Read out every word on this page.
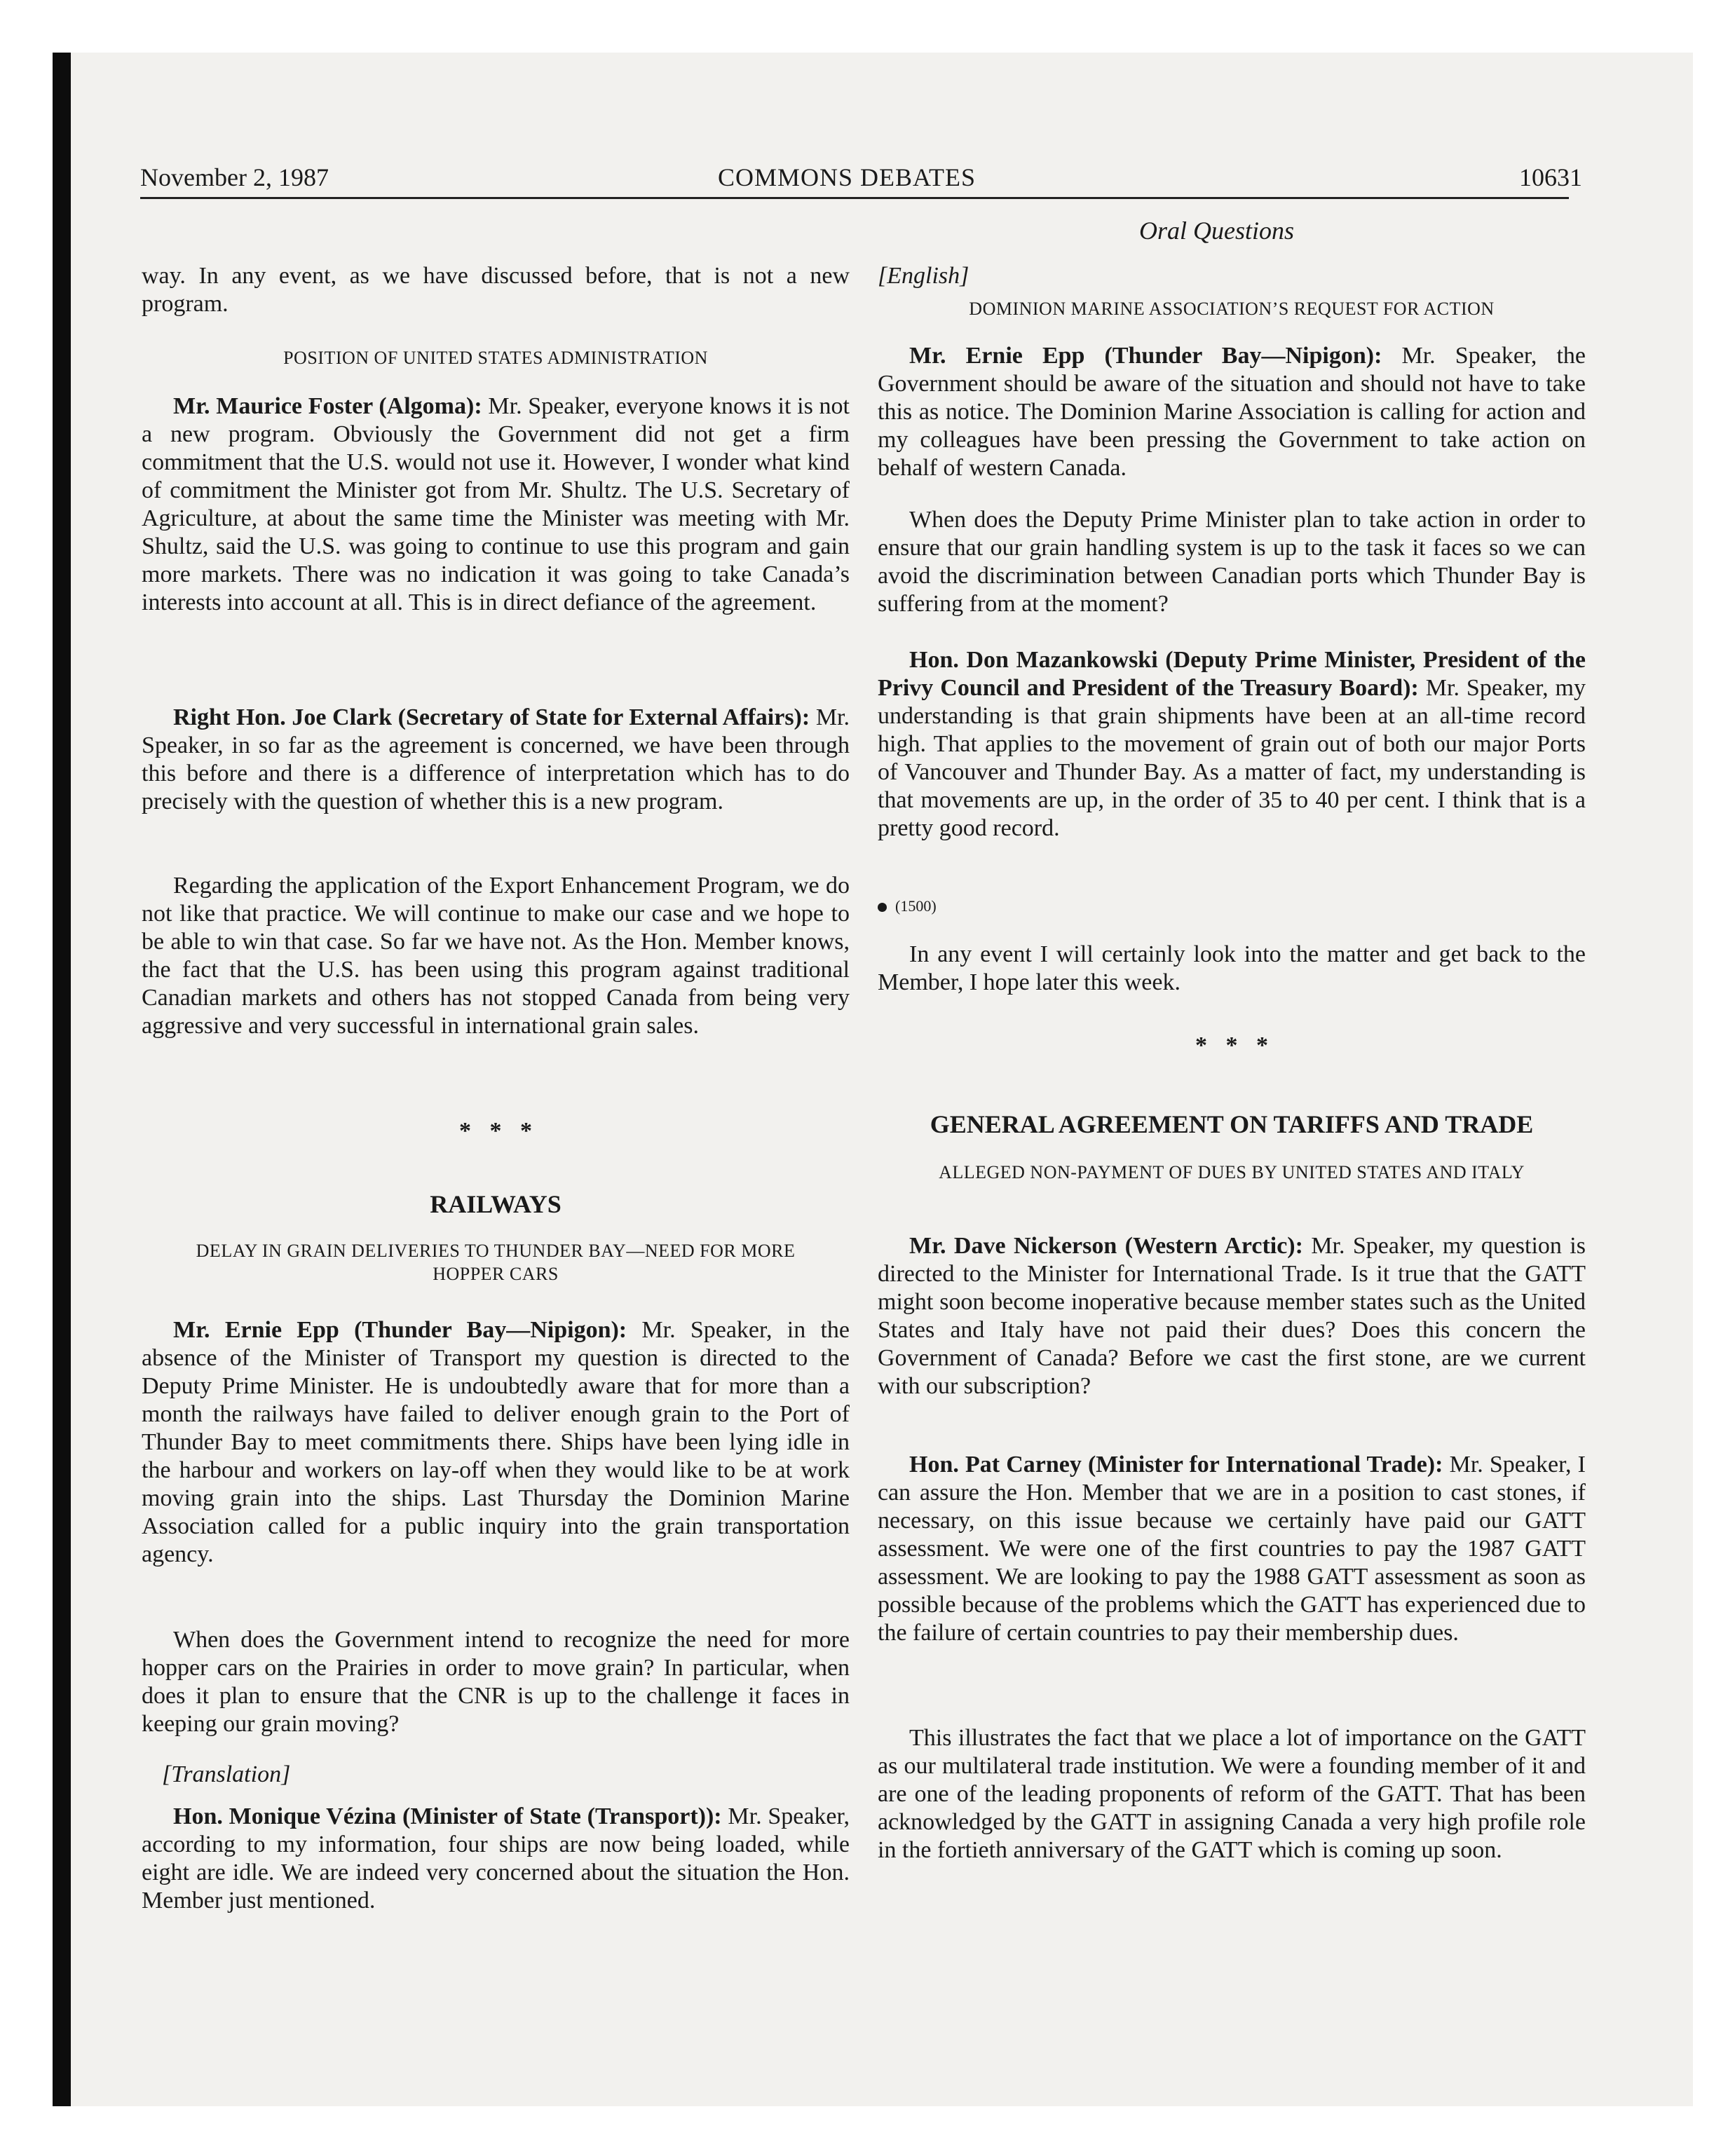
November 2, 1987	COMMONS DEBATES	10631
Oral Questions

way. In any event, as we have discussed before, that is not a new program.

POSITION OF UNITED STATES ADMINISTRATION

Mr. Maurice Foster (Algoma): Mr. Speaker, everyone knows it is not a new program. Obviously the Government did not get a firm commitment that the U.S. would not use it. However, I wonder what kind of commitment the Minister got from Mr. Shultz. The U.S. Secretary of Agriculture, at about the same time the Minister was meeting with Mr. Shultz, said the U.S. was going to continue to use this program and gain more markets. There was no indication it was going to take Canada’s interests into account at all. This is in direct defiance of the agreement.

Right Hon. Joe Clark (Secretary of State for External Affairs): Mr. Speaker, in so far as the agreement is concerned, we have been through this before and there is a difference of interpretation which has to do precisely with the question of whether this is a new program.

Regarding the application of the Export Enhancement Program, we do not like that practice. We will continue to make our case and we hope to be able to win that case. So far we have not. As the Hon. Member knows, the fact that the U.S. has been using this program against traditional Canadian markets and others has not stopped Canada from being very aggressive and very successful in international grain sales.

* * *

RAILWAYS

DELAY IN GRAIN DELIVERIES TO THUNDER BAY—NEED FOR MORE HOPPER CARS

Mr. Ernie Epp (Thunder Bay—Nipigon): Mr. Speaker, in the absence of the Minister of Transport my question is directed to the Deputy Prime Minister. He is undoubtedly aware that for more than a month the railways have failed to deliver enough grain to the Port of Thunder Bay to meet commitments there. Ships have been lying idle in the harbour and workers on lay-off when they would like to be at work moving grain into the ships. Last Thursday the Dominion Marine Association called for a public inquiry into the grain transportation agency.

When does the Government intend to recognize the need for more hopper cars on the Prairies in order to move grain? In particular, when does it plan to ensure that the CNR is up to the challenge it faces in keeping our grain moving?

[Translation]

Hon. Monique Vézina (Minister of State (Transport)): Mr. Speaker, according to my information, four ships are now being loaded, while eight are idle. We are indeed very concerned about the situation the Hon. Member just mentioned.

[English]

DOMINION MARINE ASSOCIATION’S REQUEST FOR ACTION

Mr. Ernie Epp (Thunder Bay—Nipigon): Mr. Speaker, the Government should be aware of the situation and should not have to take this as notice. The Dominion Marine Association is calling for action and my colleagues have been pressing the Government to take action on behalf of western Canada.

When does the Deputy Prime Minister plan to take action in order to ensure that our grain handling system is up to the task it faces so we can avoid the discrimination between Canadian ports which Thunder Bay is suffering from at the moment?

Hon. Don Mazankowski (Deputy Prime Minister, President of the Privy Council and President of the Treasury Board): Mr. Speaker, my understanding is that grain shipments have been at an all-time record high. That applies to the movement of grain out of both our major Ports of Vancouver and Thunder Bay. As a matter of fact, my understanding is that movements are up, in the order of 35 to 40 per cent. I think that is a pretty good record.

(1500)

In any event I will certainly look into the matter and get back to the Member, I hope later this week.

* * *

GENERAL AGREEMENT ON TARIFFS AND TRADE

ALLEGED NON-PAYMENT OF DUES BY UNITED STATES AND ITALY

Mr. Dave Nickerson (Western Arctic): Mr. Speaker, my question is directed to the Minister for International Trade. Is it true that the GATT might soon become inoperative because member states such as the United States and Italy have not paid their dues? Does this concern the Government of Canada? Before we cast the first stone, are we current with our subscription?

Hon. Pat Carney (Minister for International Trade): Mr. Speaker, I can assure the Hon. Member that we are in a position to cast stones, if necessary, on this issue because we certainly have paid our GATT assessment. We were one of the first countries to pay the 1987 GATT assessment. We are looking to pay the 1988 GATT assessment as soon as possible because of the problems which the GATT has experienced due to the failure of certain countries to pay their membership dues.

This illustrates the fact that we place a lot of importance on the GATT as our multilateral trade institution. We were a founding member of it and are one of the leading proponents of reform of the GATT. That has been acknowledged by the GATT in assigning Canada a very high profile role in the fortieth anniversary of the GATT which is coming up soon.
